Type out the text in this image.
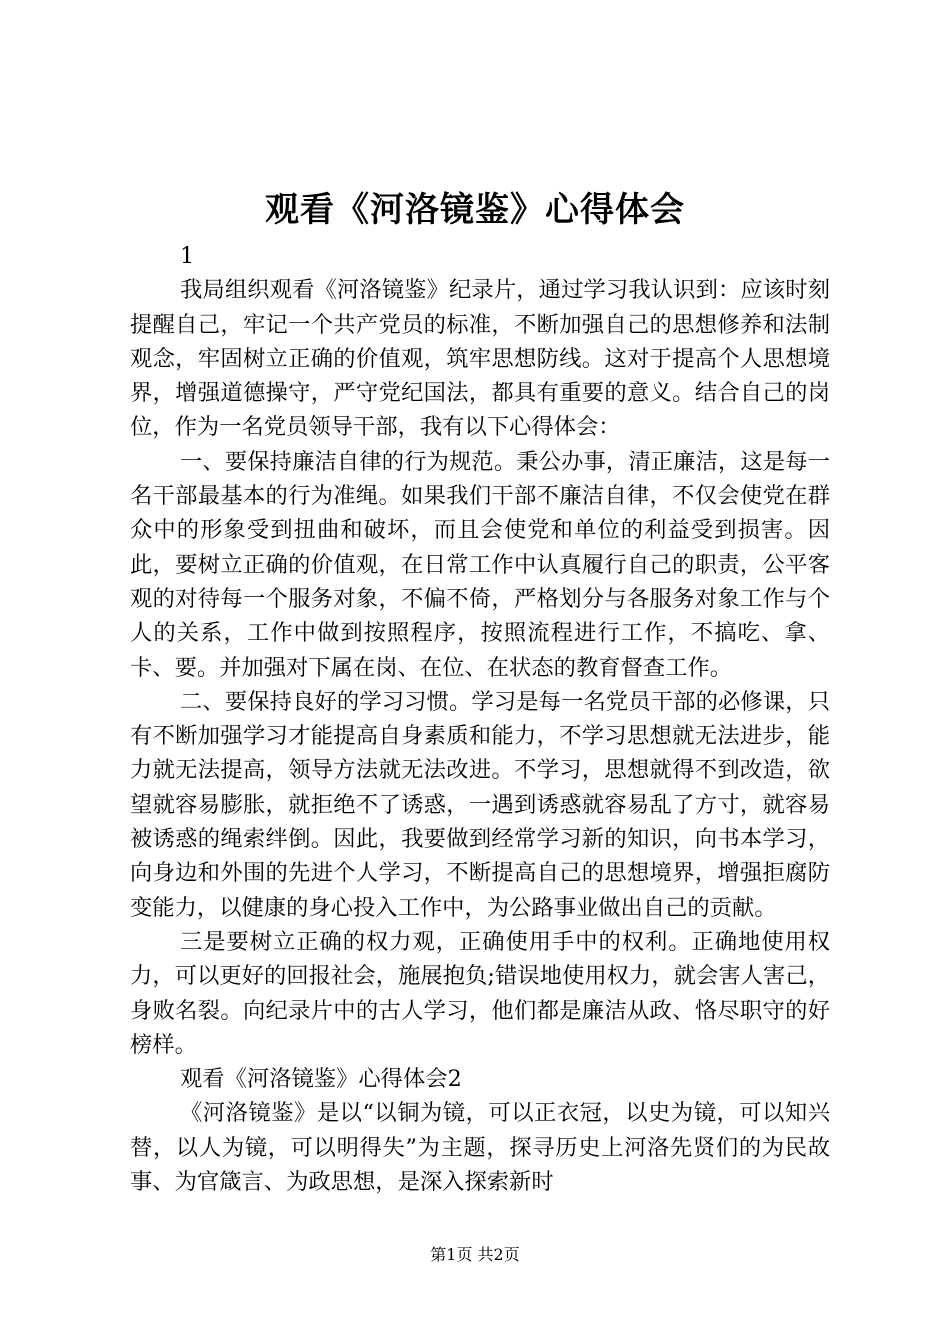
观看《河洛镜鉴》心得体会
1
我局组织观看《河洛镜鉴》纪录片，通过学习我认识到：应该时刻提醒自己，牢记一个共产党员的标准，不断加强自己的思想修养和法制观念，牢固树立正确的价值观，筑牢思想防线。这对于提高个人思想境界，增强道德操守，严守党纪国法，都具有重要的意义。结合自己的岗位，作为一名党员领导干部，我有以下心得体会：
一、要保持廉洁自律的行为规范。秉公办事，清正廉洁，这是每一名干部最基本的行为准绳。如果我们干部不廉洁自律，不仅会使党在群众中的形象受到扭曲和破坏，而且会使党和单位的利益受到损害。因此，要树立正确的价值观，在日常工作中认真履行自己的职责，公平客观的对待每一个服务对象，不偏不倚，严格划分与各服务对象工作与个人的关系，工作中做到按照程序，按照流程进行工作，不搞吃、拿、卡、要。并加强对下属在岗、在位、在状态的教育督查工作。
二、要保持良好的学习习惯。学习是每一名党员干部的必修课，只有不断加强学习才能提高自身素质和能力，不学习思想就无法进步，能力就无法提高，领导方法就无法改进。不学习，思想就得不到改造，欲望就容易膨胀，就拒绝不了诱惑，一遇到诱惑就容易乱了方寸，就容易被诱惑的绳索绊倒。因此，我要做到经常学习新的知识，向书本学习，向身边和外围的先进个人学习，不断提高自己的思想境界，增强拒腐防变能力，以健康的身心投入工作中，为公路事业做出自己的贡献。
三是要树立正确的权力观，正确使用手中的权利。正确地使用权力，可以更好的回报社会，施展抱负;错误地使用权力，就会害人害己，身败名裂。向纪录片中的古人学习，他们都是廉洁从政、恪尽职守的好榜样。
观看《河洛镜鉴》心得体会2
《河洛镜鉴》是以“以铜为镜，可以正衣冠，以史为镜，可以知兴替，以人为镜，可以明得失”为主题，探寻历史上河洛先贤们的为民故事、为官箴言、为政思想，是深入探索新时
第1页 共2页
